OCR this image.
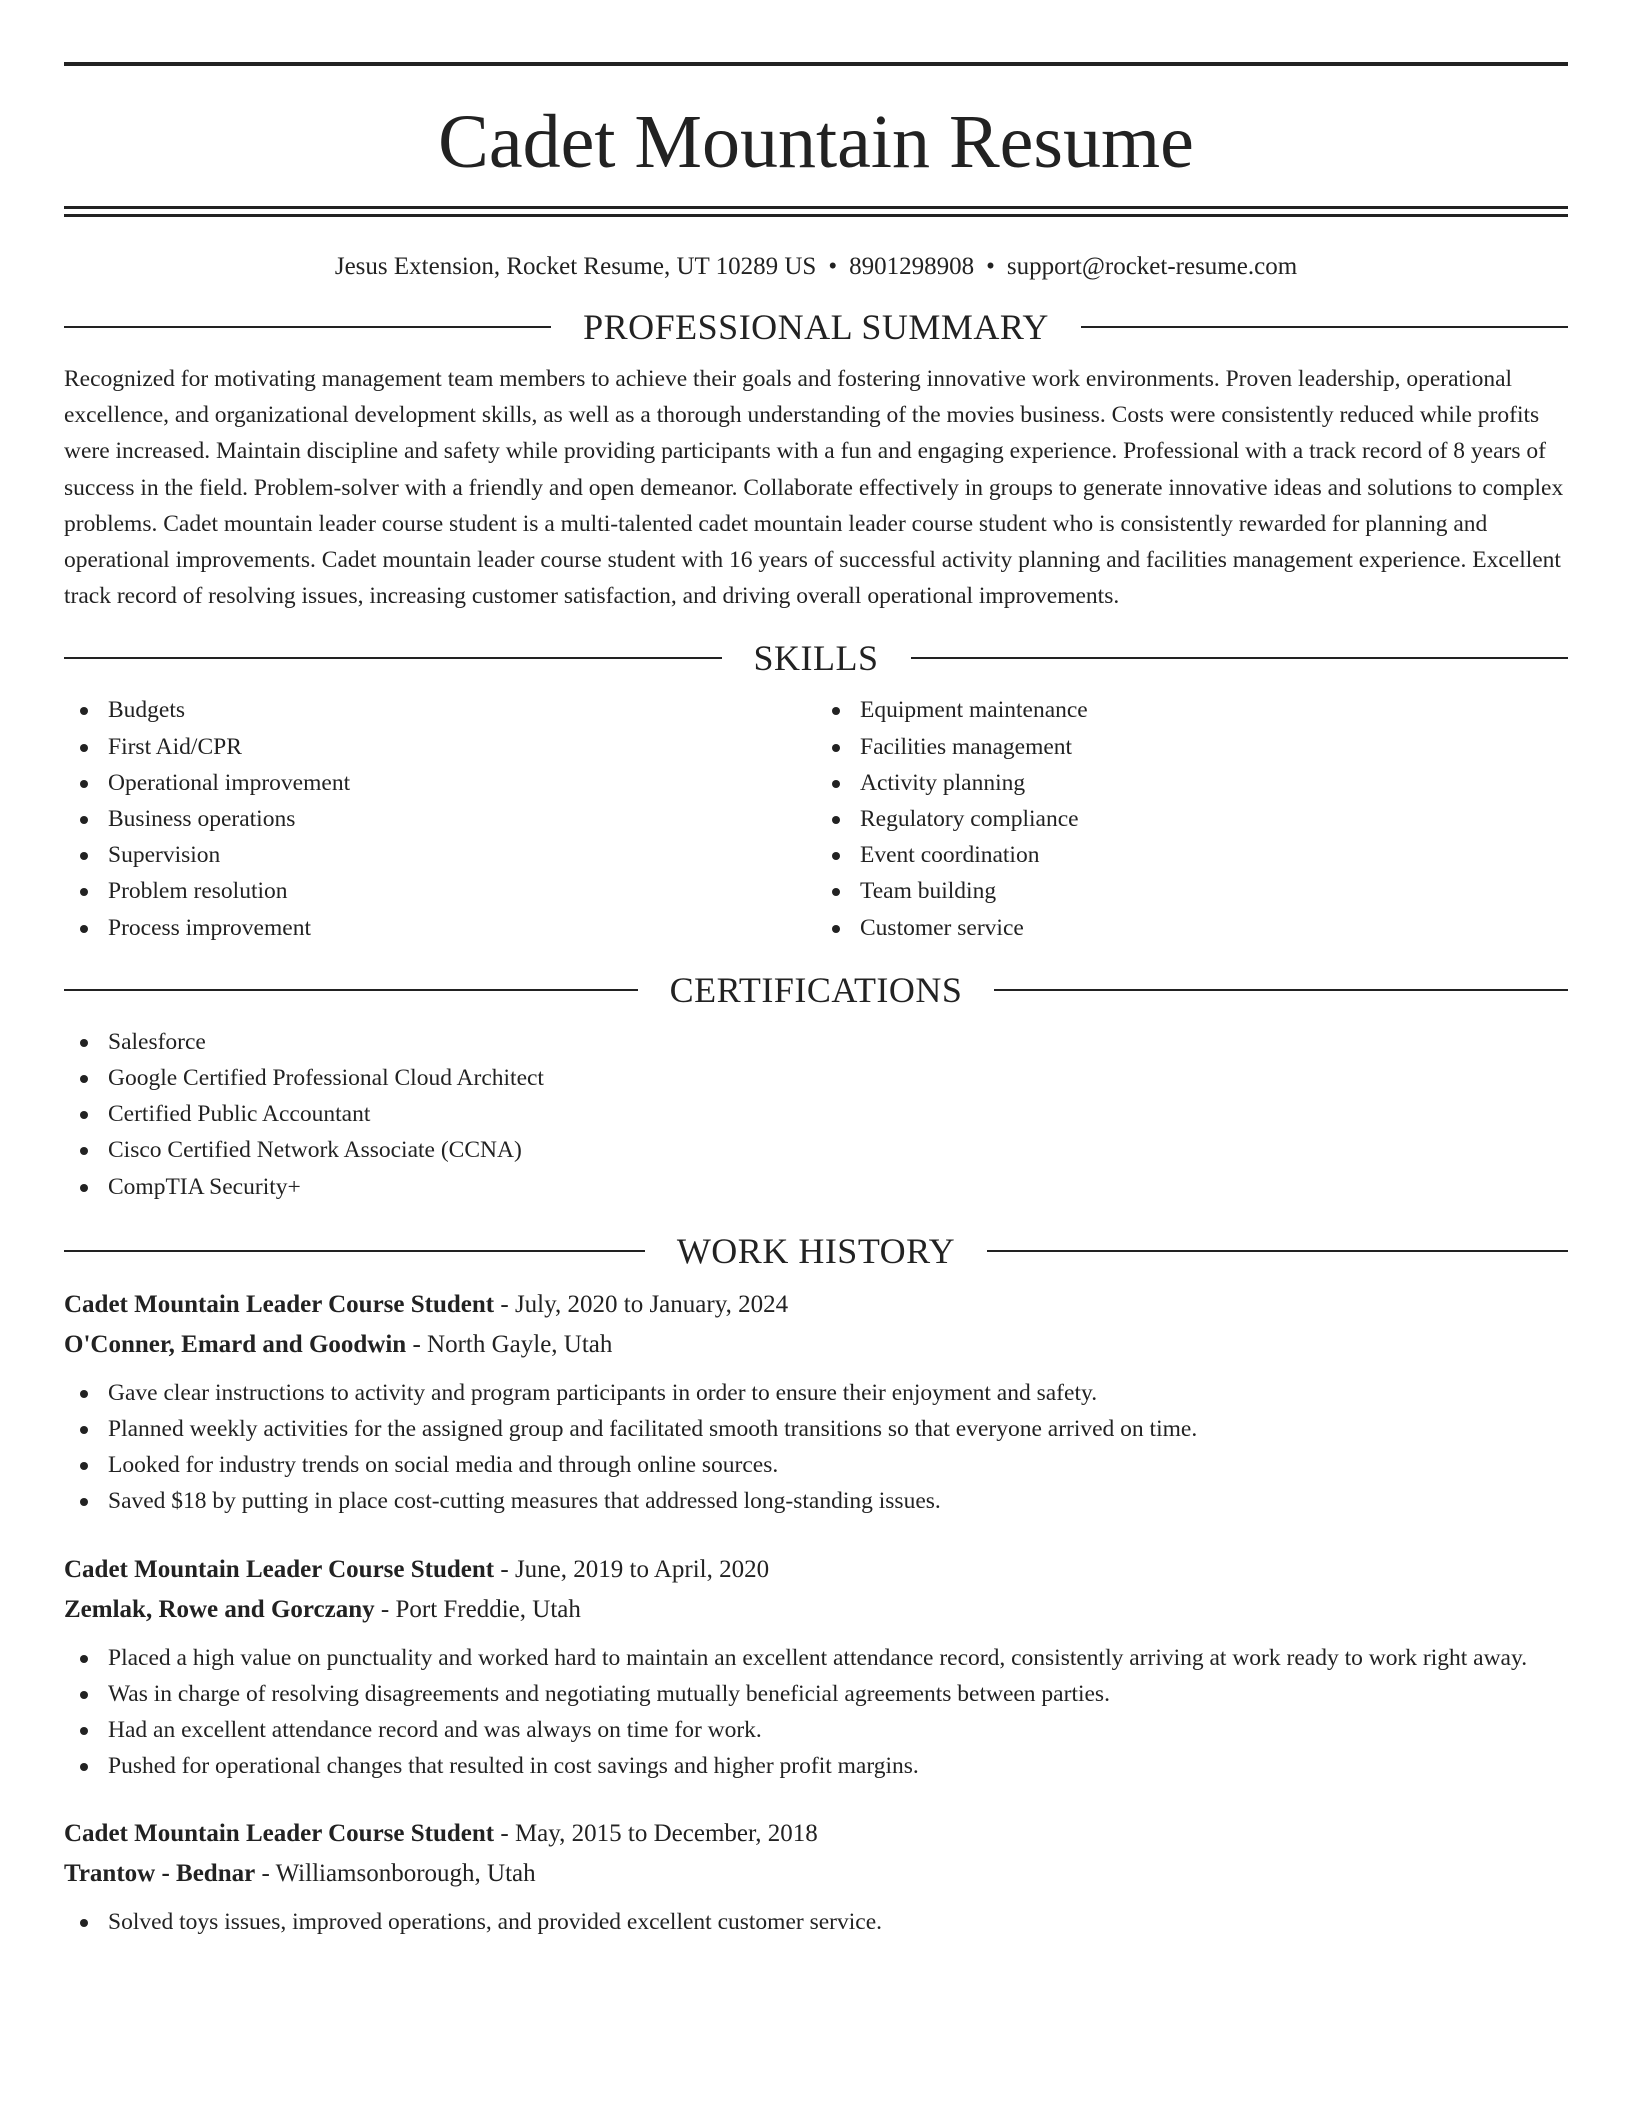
Cadet Mountain Resume
Jesus Extension, Rocket Resume, UT 10289 US • 8901298908 • support@rocket-resume.com
PROFESSIONAL SUMMARY

Recognized for motivating management team members to achieve their goals and fostering innovative work environments. Proven leadership, operational excellence, and organizational development skills, as well as a thorough understanding of the movies business. Costs were consistently reduced while profits were increased. Maintain discipline and safety while providing participants with a fun and engaging experience. Professional with a track record of 8 years of success in the field. Problem-solver with a friendly and open demeanor. Collaborate effectively in groups to generate innovative ideas and solutions to complex problems. Cadet mountain leader course student is a multi-talented cadet mountain leader course student who is consistently rewarded for planning and operational improvements. Cadet mountain leader course student with 16 years of successful activity planning and facilities management experience. Excellent track record of resolving issues, increasing customer satisfaction, and driving overall operational improvements.

SKILLS
Budgets
First Aid/CPR
Operational improvement
Business operations
Supervision
Problem resolution
Process improvement
Equipment maintenance
Facilities management
Activity planning
Regulatory compliance
Event coordination
Team building
Customer service
CERTIFICATIONS
Salesforce
Google Certified Professional Cloud Architect
Certified Public Accountant
Cisco Certified Network Associate (CCNA)
CompTIA Security+
WORK HISTORY
Cadet Mountain Leader Course Student - July, 2020 to January, 2024
O'Conner, Emard and Goodwin - North Gayle, Utah
Gave clear instructions to activity and program participants in order to ensure their enjoyment and safety.
Planned weekly activities for the assigned group and facilitated smooth transitions so that everyone arrived on time.
Looked for industry trends on social media and through online sources.
Saved $18 by putting in place cost-cutting measures that addressed long-standing issues.
Cadet Mountain Leader Course Student - June, 2019 to April, 2020
Zemlak, Rowe and Gorczany - Port Freddie, Utah
Placed a high value on punctuality and worked hard to maintain an excellent attendance record, consistently arriving at work ready to work right away.
Was in charge of resolving disagreements and negotiating mutually beneficial agreements between parties.
Had an excellent attendance record and was always on time for work.
Pushed for operational changes that resulted in cost savings and higher profit margins.
Cadet Mountain Leader Course Student - May, 2015 to December, 2018
Trantow - Bednar - Williamsonborough, Utah
Solved toys issues, improved operations, and provided excellent customer service.
